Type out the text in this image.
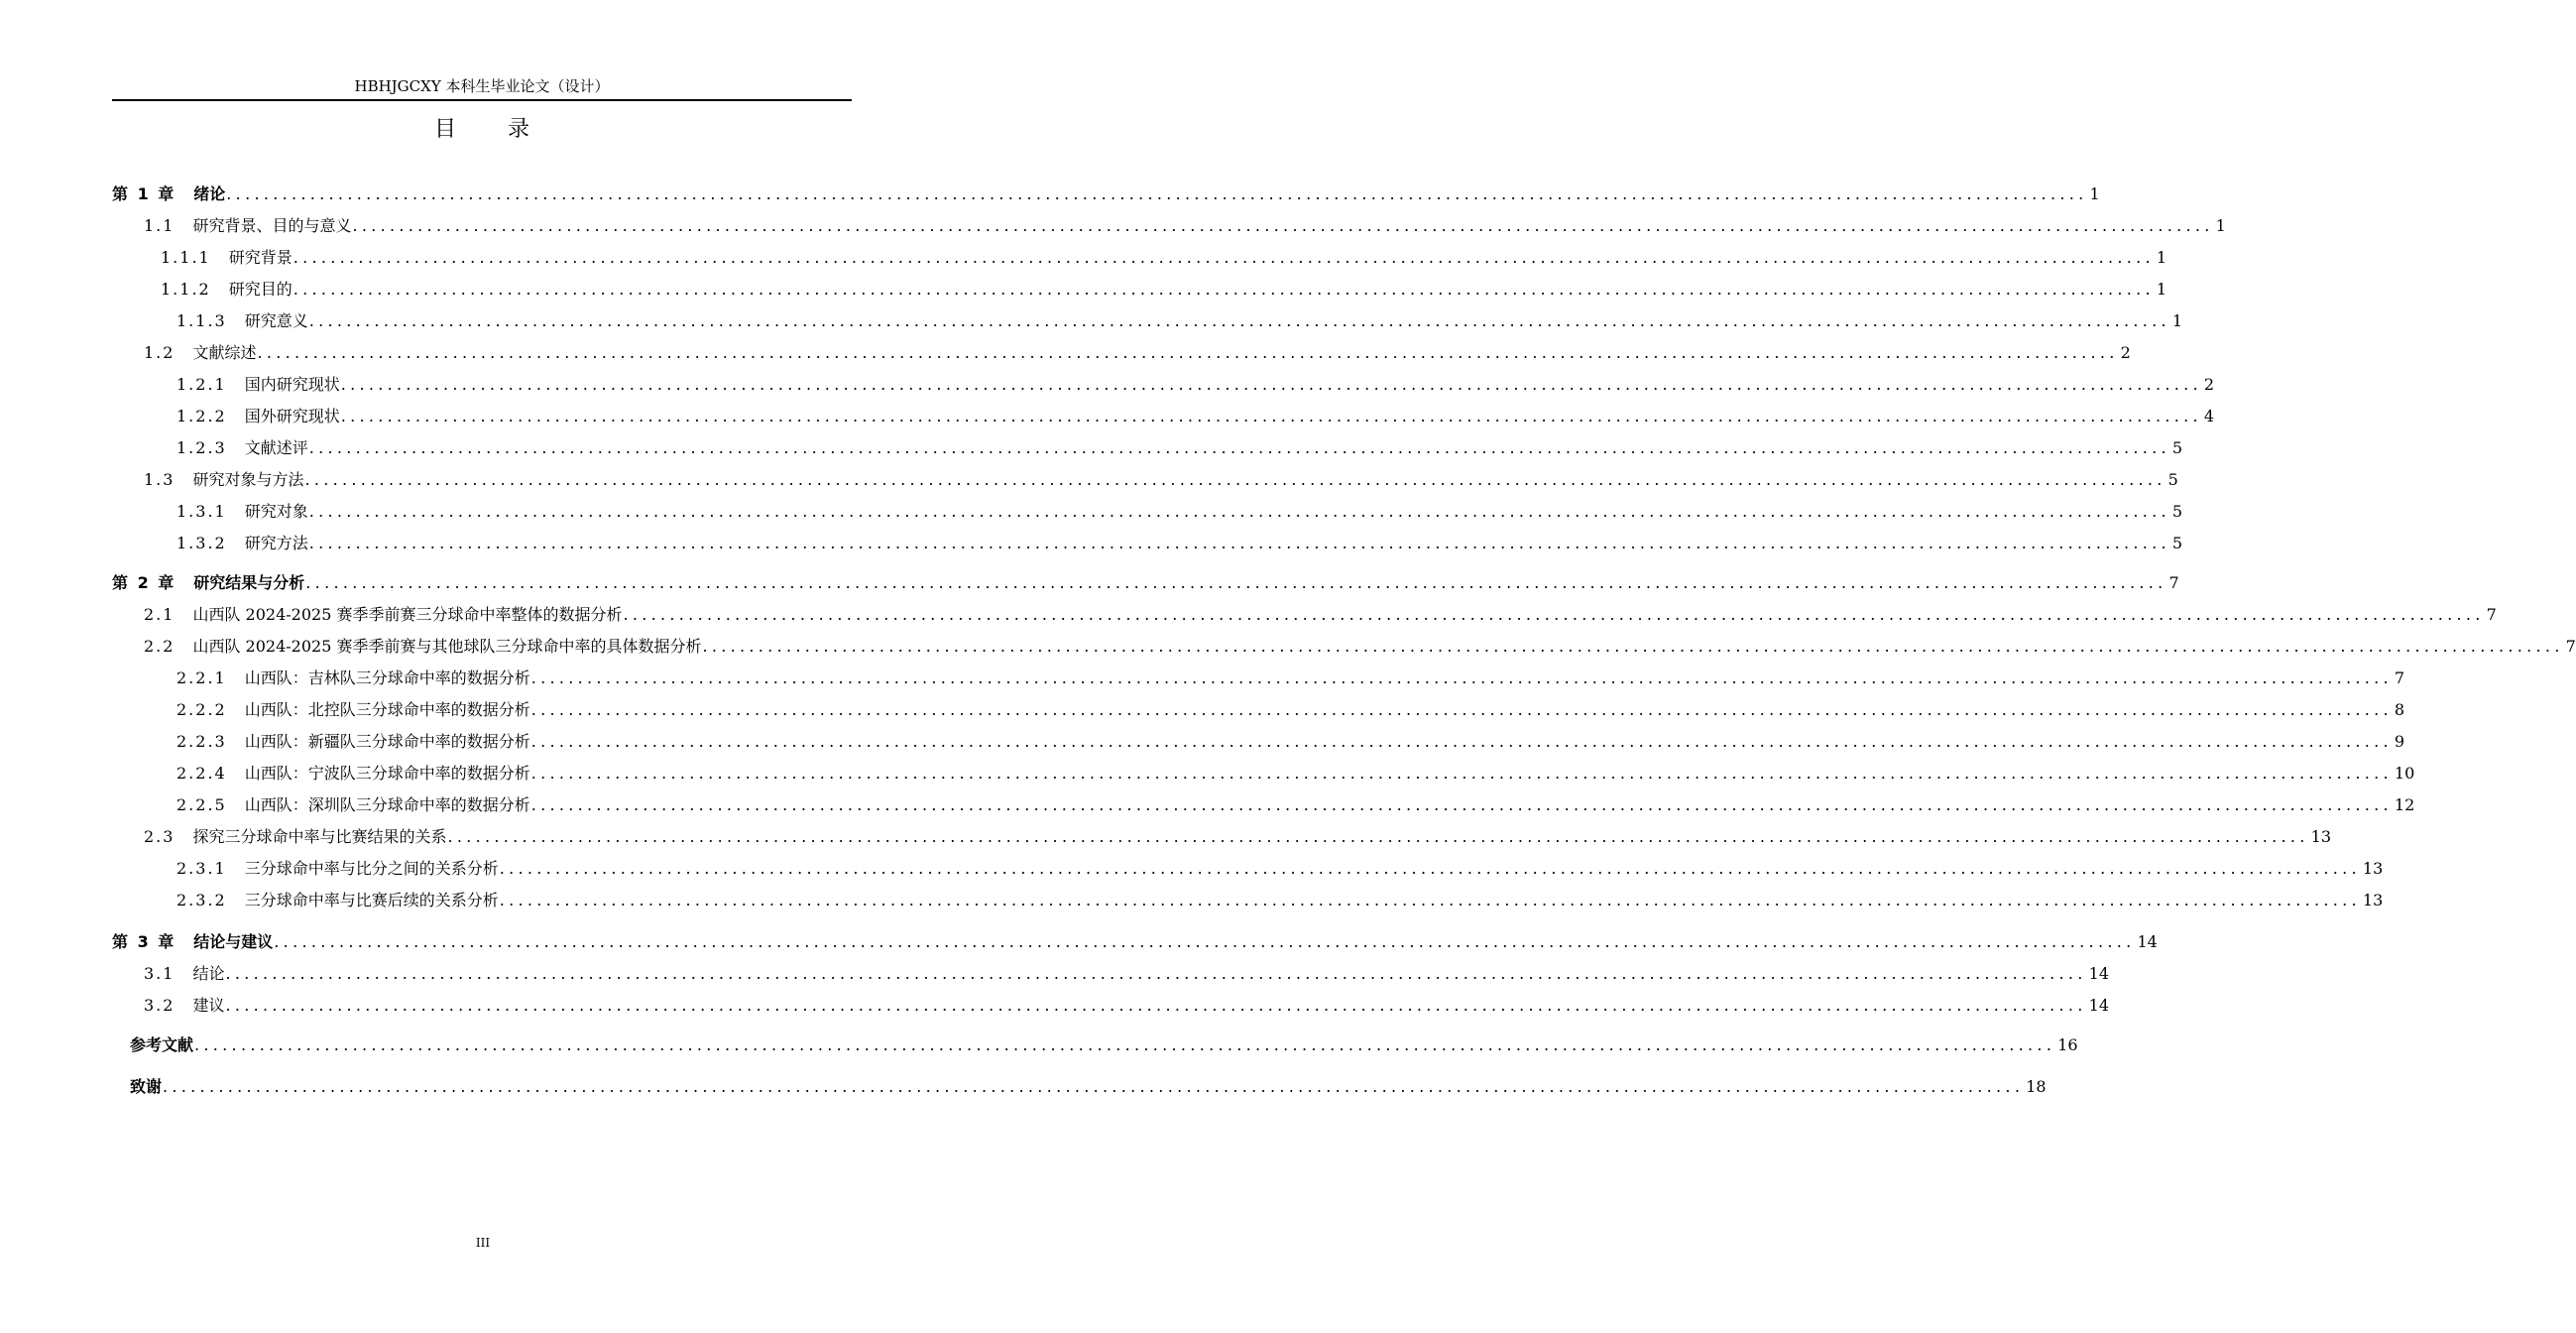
HBHJGCXY 本科生毕业论文（设计）
目 录
第 1 章 绪论 ........................................................................................................................................................................................................ 1
1.1 研究背景、目的与意义 ........................................................................................................................................................................................................ 1
1.1.1 研究背景 ........................................................................................................................................................................................................ 1
1.1.2 研究目的 ........................................................................................................................................................................................................ 1
1.1.3 研究意义 ........................................................................................................................................................................................................ 1
1.2 文献综述 ........................................................................................................................................................................................................ 2
1.2.1 国内研究现状 ........................................................................................................................................................................................................ 2
1.2.2 国外研究现状 ........................................................................................................................................................................................................ 4
1.2.3 文献述评 ........................................................................................................................................................................................................ 5
1.3 研究对象与方法 ........................................................................................................................................................................................................ 5
1.3.1 研究对象 ........................................................................................................................................................................................................ 5
1.3.2 研究方法 ........................................................................................................................................................................................................ 5
第 2 章 研究结果与分析 ........................................................................................................................................................................................................ 7
2.1 山西队 2024-2025 赛季季前赛三分球命中率整体的数据分析 ........................................................................................................................................................................................................ 7
2.2 山西队 2024-2025 赛季季前赛与其他球队三分球命中率的具体数据分析 ........................................................................................................................................................................................................ 7
2.2.1 山西队：吉林队三分球命中率的数据分析 ........................................................................................................................................................................................................ 7
2.2.2 山西队：北控队三分球命中率的数据分析 ........................................................................................................................................................................................................ 8
2.2.3 山西队：新疆队三分球命中率的数据分析 ........................................................................................................................................................................................................ 9
2.2.4 山西队：宁波队三分球命中率的数据分析 ........................................................................................................................................................................................................ 10
2.2.5 山西队：深圳队三分球命中率的数据分析 ........................................................................................................................................................................................................ 12
2.3 探究三分球命中率与比赛结果的关系 ........................................................................................................................................................................................................ 13
2.3.1 三分球命中率与比分之间的关系分析 ........................................................................................................................................................................................................ 13
2.3.2 三分球命中率与比赛后续的关系分析 ........................................................................................................................................................................................................ 13
第 3 章 结论与建议 ........................................................................................................................................................................................................ 14
3.1 结论 ........................................................................................................................................................................................................ 14
3.2 建议 ........................................................................................................................................................................................................ 14
参考文献 ........................................................................................................................................................................................................ 16
致谢 ........................................................................................................................................................................................................ 18
III
